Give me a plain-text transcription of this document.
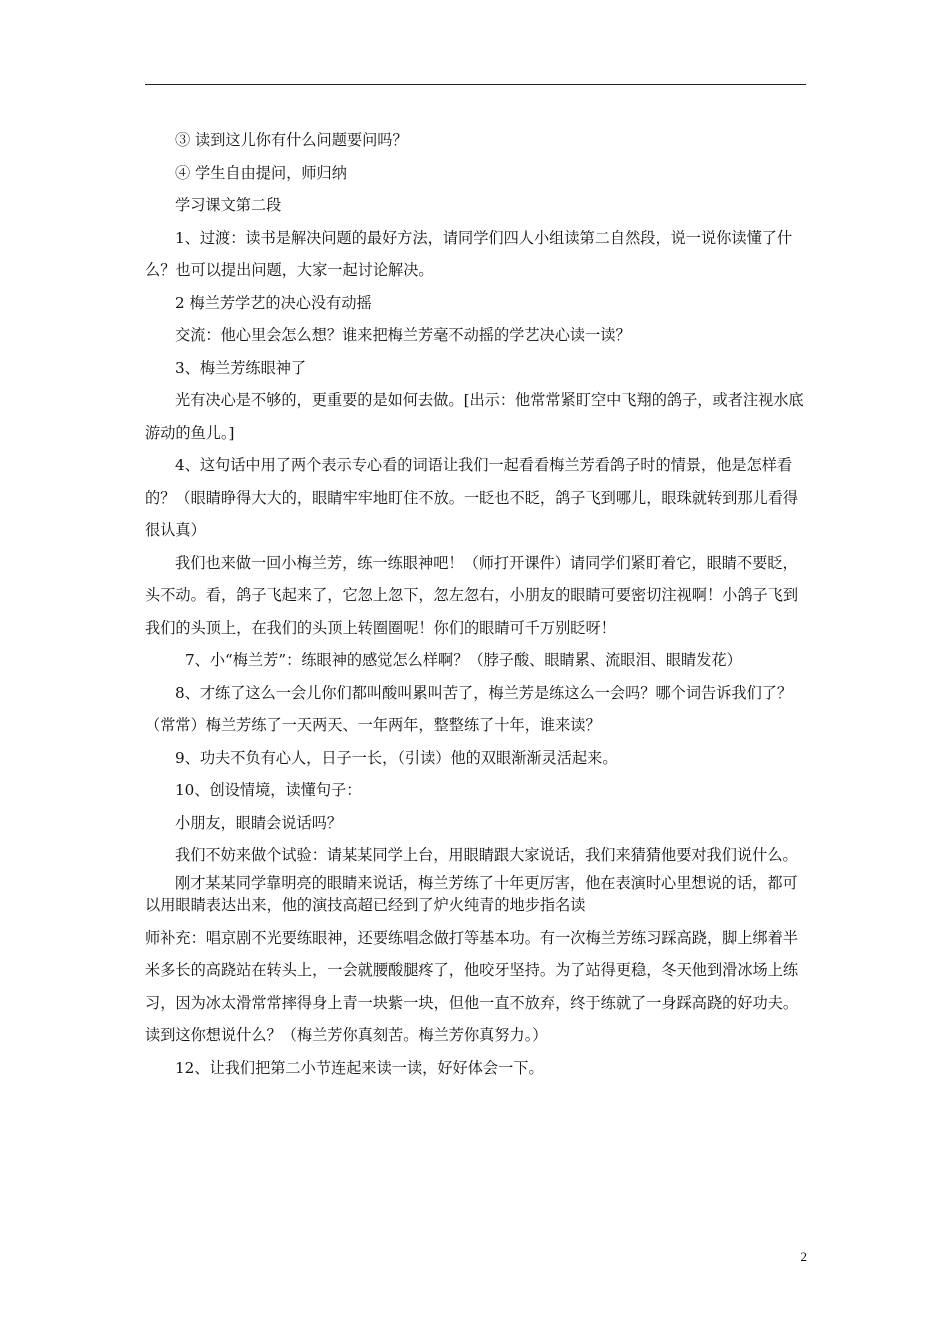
③ 读到这儿你有什么问题要问吗？

④ 学生自由提问，师归纳

学习课文第二段

1、过渡：读书是解决问题的最好方法，请同学们四人小组读第二自然段，说一说你读懂了什么？也可以提出问题，大家一起讨论解决。

2 梅兰芳学艺的决心没有动摇

交流：他心里会怎么想？谁来把梅兰芳毫不动摇的学艺决心读一读？

3、梅兰芳练眼神了

光有决心是不够的，更重要的是如何去做。[出示：他常常紧盯空中飞翔的鸽子，或者注视水底游动的鱼儿。]

4、这句话中用了两个表示专心看的词语让我们一起看看梅兰芳看鸽子时的情景，他是怎样看的？（眼睛睁得大大的，眼睛牢牢地盯住不放。一眨也不眨，鸽子飞到哪儿，眼珠就转到那儿看得很认真）

我们也来做一回小梅兰芳，练一练眼神吧！（师打开课件）请同学们紧盯着它，眼睛不要眨，头不动。看，鸽子飞起来了，它忽上忽下，忽左忽右，小朋友的眼睛可要密切注视啊！小鸽子飞到我们的头顶上，在我们的头顶上转圈圈呢！你们的眼睛可千万别眨呀！

7、小“梅兰芳”：练眼神的感觉怎么样啊？（脖子酸、眼睛累、流眼泪、眼睛发花）

8、才练了这么一会儿你们都叫酸叫累叫苦了，梅兰芳是练这么一会吗？哪个词告诉我们了？（常常）梅兰芳练了一天两天、一年两年，整整练了十年，谁来读？

9、功夫不负有心人，日子一长，（引读）他的双眼渐渐灵活起来。

10、创设情境，读懂句子：

小朋友，眼睛会说话吗？

我们不妨来做个试验：请某某同学上台，用眼睛跟大家说话，我们来猜猜他要对我们说什么。

刚才某某同学靠明亮的眼睛来说话，梅兰芳练了十年更厉害，他在表演时心里想说的话，都可以用眼睛表达出来，他的演技高超已经到了炉火纯青的地步指名读

师补充：唱京剧不光要练眼神，还要练唱念做打等基本功。有一次梅兰芳练习踩高跷，脚上绑着半米多长的高跷站在转头上，一会就腰酸腿疼了，他咬牙坚持。为了站得更稳，冬天他到滑冰场上练习，因为冰太滑常常摔得身上青一块紫一块，但他一直不放弃，终于练就了一身踩高跷的好功夫。读到这你想说什么？（梅兰芳你真刻苦。梅兰芳你真努力。）

12、让我们把第二小节连起来读一读，好好体会一下。

2
